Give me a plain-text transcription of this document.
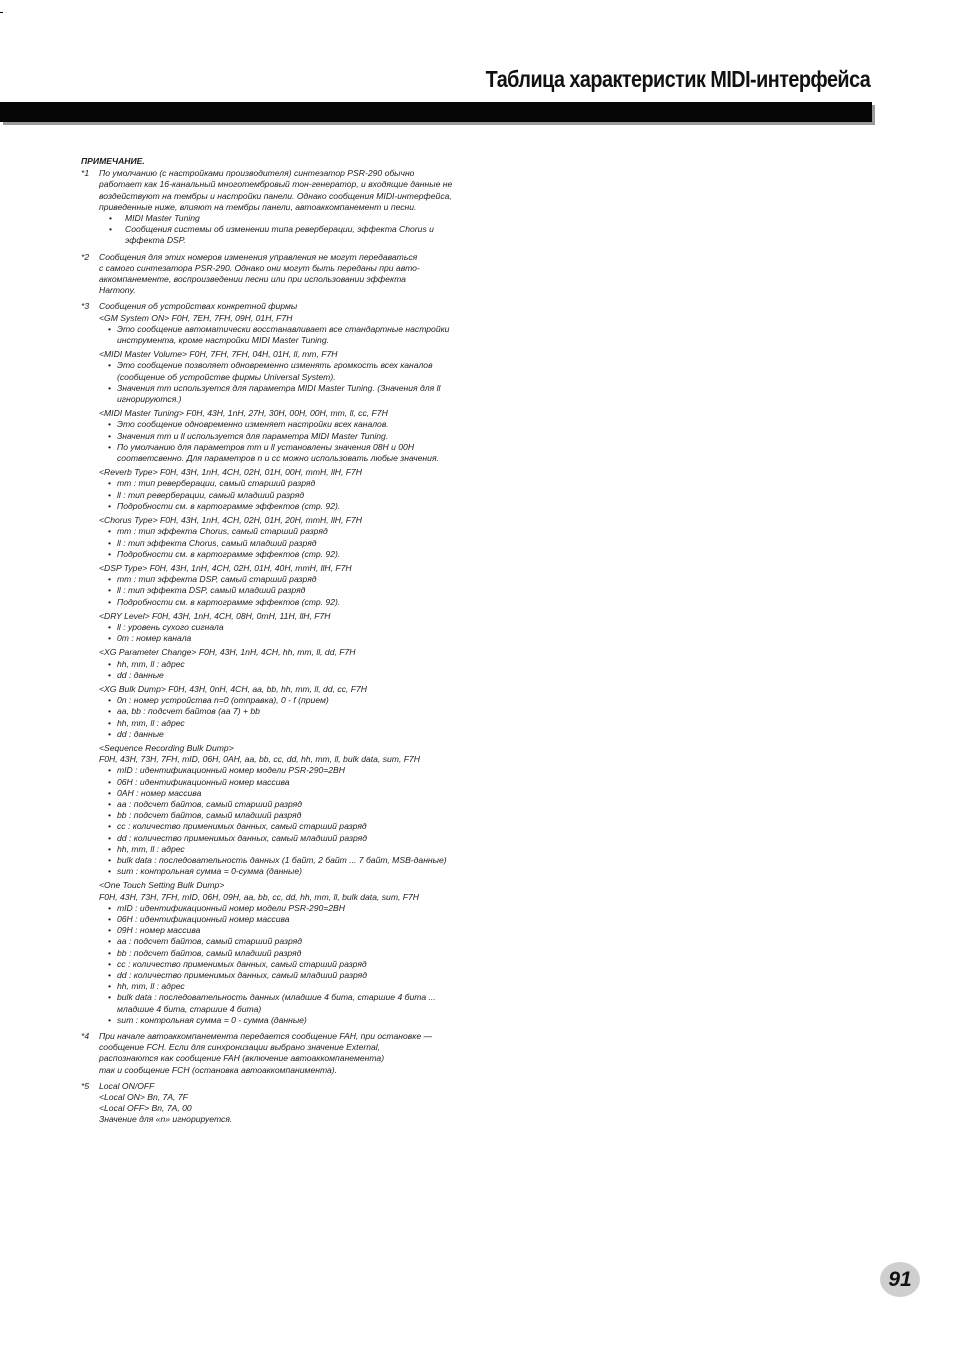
Таблица характеристик MIDI-интерфейса
ПРИМЕЧАНИЕ.
*1 По умолчанию (с настройками производителя) синтезатор PSR-290 обычно
работает как 16-канальный многотембровый тон-генератор, и входящие данные не
воздействуют на тембры и настройки панели. Однако сообщения MIDI-интерфейса,
приведенные ниже, влияют на тембры панели, автоаккомпанемент и песни.
• MIDI Master Tuning
• Сообщения системы об изменении типа реверберации, эффекта Chorus и
эффекта DSP.
*2 Сообщения для этих номеров изменения управления не могут передаваться
с самого синтезатора PSR-290. Однако они могут быть переданы при авто-
аккомпанементе, воспроизведении песни или при использовании эффекта
Harmony.
*3 Сообщения об устройствах конкретной фирмы
<GM System ON> F0H, 7EH, 7FH, 09H, 01H, F7H
• Это сообщение автоматически восстанавливает все стандартные настройки
инструмента, кроме настройки MIDI Master Tuning.
<MIDI Master Volume> F0H, 7FH, 7FH, 04H, 01H, ll, mm, F7H
• Это сообщение позволяет одновременно изменять громкость всех каналов
(сообщение об устройстве фирмы Universal System).
• Значения mm используется для параметра MIDI Master Tuning. (Значения для ll
игнорируются.)
<MIDI Master Tuning> F0H, 43H, 1nH, 27H, 30H, 00H, 00H, mm, ll, cc, F7H
• Это сообщение одновременно изменяет настройки всех каналов.
• Значения mm и ll используется для параметра MIDI Master Tuning.
• По умолчанию для параметров mm и ll установлены значения 08H и 00H
соответсвенно. Для параметров n и cc можно использовать любые значения.
<Reverb Type> F0H, 43H, 1nH, 4CH, 02H, 01H, 00H, mmH, llH, F7H
• mm : тип реверберации, самый старший разряд
• ll : тип реверберации, самый младший разряд
• Подробности см. в картограмме эффектов (стр. 92).
<Chorus Type> F0H, 43H, 1nH, 4CH, 02H, 01H, 20H, mmH, llH, F7H
• mm : тип эффекта Chorus, самый старший разряд
• ll : тип эффекта Chorus, самый младший разряд
• Подробности см. в картограмме эффектов (стр. 92).
<DSP Type> F0H, 43H, 1nH, 4CH, 02H, 01H, 40H, mmH, llH, F7H
• mm : тип эффекта DSP, самый старший разряд
• ll : тип эффекта DSP, самый младший разряд
• Подробности см. в картограмме эффектов (стр. 92).
<DRY Level> F0H, 43H, 1nH, 4CH, 08H, 0mH, 11H, llH, F7H
• ll : уровень сухого сигнала
• 0m : номер канала
<XG Parameter Change> F0H, 43H, 1nH, 4CH, hh, mm, ll, dd, F7H
• hh, mm, ll : адрес
• dd : данные
<XG Bulk Dump> F0H, 43H, 0nH, 4CH, aa, bb, hh, mm, ll, dd, cc, F7H
• 0n : номер устройства n=0 (отправка), 0 - f (прием)
• aa, bb : подсчет байтов (aa 7) + bb
• hh, mm, ll : адрес
• dd : данные
<Sequence Recording Bulk Dump>
F0H, 43H, 73H, 7FH, mID, 06H, 0AH, aa, bb, cc, dd, hh, mm, ll, bulk data, sum, F7H
• mID : идентификационный номер модели PSR-290=2BH
• 06H : идентификационный номер массива
• 0AH : номер массива
• aa : подсчет байтов, самый старший разряд
• bb : подсчет байтов, самый младший разряд
• cc : количество применимых данных, самый старший разряд
• dd : количество применимых данных, самый младший разряд
• hh, mm, ll : адрес
• bulk data : последовательность данных (1 байт, 2 байт ... 7 байт, MSB-данные)
• sum : контрольная сумма = 0-сумма (данные)
<One Touch Setting Bulk Dump>
F0H, 43H, 73H, 7FH, mID, 06H, 09H, aa, bb, cc, dd, hh, mm, ll, bulk data, sum, F7H
• mID : идентификационный номер модели PSR-290=2BH
• 06H : идентификационный номер массива
• 09H : номер массива
• aa : подсчет байтов, самый старший разряд
• bb : подсчет байтов, самый младший разряд
• cc : количество применимых данных, самый старший разряд
• dd : количество применимых данных, самый младший разряд
• hh, mm, ll : адрес
• bulk data : последовательность данных (младшие 4 бита, старшие 4 бита ...
младшие 4 бита, старшие 4 бита)
• sum : контрольная сумма = 0 - сумма (данные)
*4 При начале автоаккомпанемента передается сообщение FAH, при остановке —
сообщение FCH. Если для синхронизации выбрано значение External,
распознаются как сообщение FAH (включение автоаккомпанемента)
так и сообщение FCH (остановка автоаккомпанимента).
*5 Local ON/OFF
<Local ON> Bn, 7A, 7F
<Local OFF> Bn, 7A, 00
Значение для «n» игнорируется.
91
